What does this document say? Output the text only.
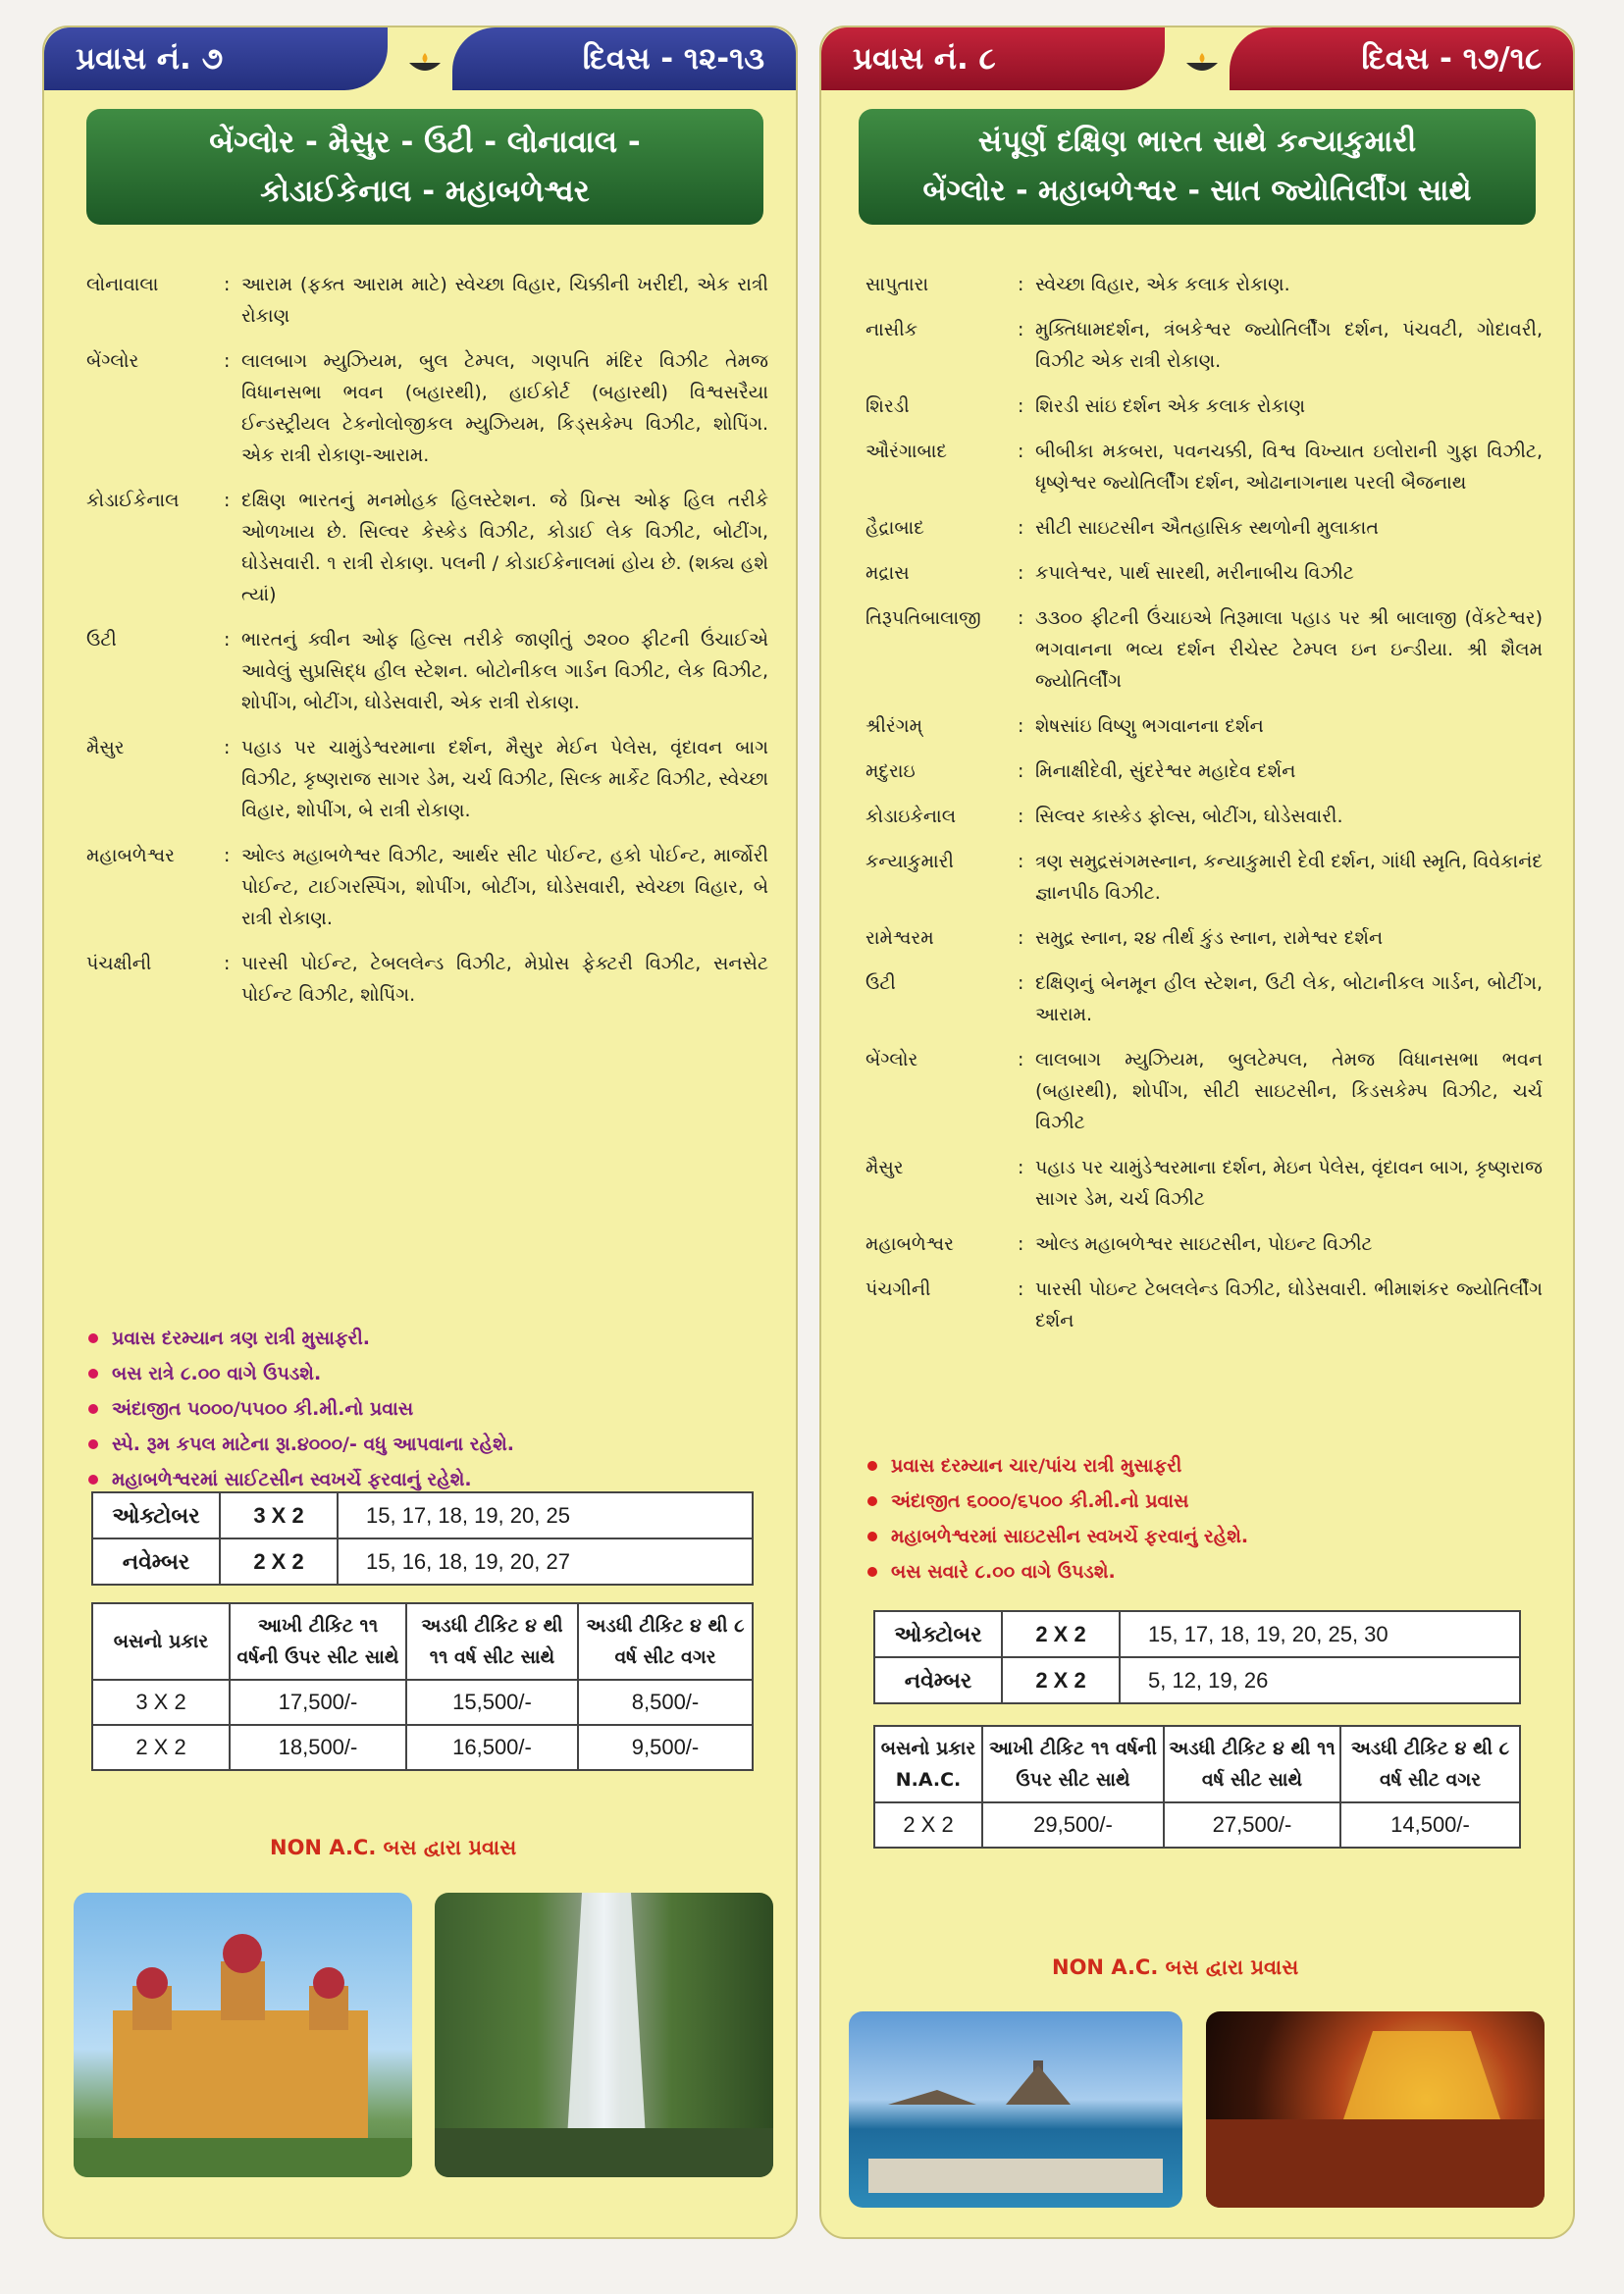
પ્રવાસ નં. ૭	દિવસ - ૧૨-૧૩
બેંગ્લોર - મૈસુર - ઉટી - લોનાવાલ -
કોડાઈકેનાલ - મહાબળેશ્વર
લોનાવાલા	: આરામ (ફક્ત આરામ માટે) સ્વેચ્છા વિહાર, ચિક્કીની ખરીદી, એક રાત્રી રોકાણ
બેંગ્લોર	: લાલબાગ મ્યુઝિયમ, બુલ ટેમ્પલ, ગણપતિ મંદિર વિઝીટ તેમજ વિધાનસભા ભવન (બહારથી), હાઈકોર્ટ (બહારથી) વિશ્વસરૈયા ઈન્ડસ્ટ્રીયલ ટેકનોલોજીકલ મ્યુઝિયમ, કિડ્સકેમ્પ વિઝીટ, શોપિંગ. એક રાત્રી રોકાણ-આરામ.
કોડાઈકેનાલ	: દક્ષિણ ભારતનું મનમોહક હિલસ્ટેશન. જે પ્રિન્સ ઓફ હિલ તરીકે ઓળખાય છે. સિલ્વર કેસ્કેડ વિઝીટ, કોડાઈ લેક વિઝીટ, બોટીંગ, ઘોડેસવારી. ૧ રાત્રી રોકાણ. પલની / કોડાઈકેનાલમાં હોય છે. (શક્ય હશે ત્યાં)
ઉટી	: ભારતનું ક્વીન ઓફ હિલ્સ તરીકે જાણીતું ૭૨૦૦ ફીટની ઉંચાઈએ આવેલું સુપ્રસિદ્ધ હીલ સ્ટેશન. બોટોનીકલ ગાર્ડન વિઝીટ, લેક વિઝીટ, શોપીંગ, બોટીંગ, ઘોડેસવારી, એક રાત્રી રોકાણ.
મૈસુર	: પહાડ પર ચામુંડેશ્વરમાના દર્શન, મૈસુર મેઈન પેલેસ, વૃંદાવન બાગ વિઝીટ, કૃષ્ણરાજ સાગર ડેમ, ચર્ચ વિઝીટ, સિલ્ક માર્કેટ વિઝીટ, સ્વેચ્છા વિહાર, શોપીંગ, બે રાત્રી રોકાણ.
મહાબળેશ્વર	: ઓલ્ડ મહાબળેશ્વર વિઝીટ, આર્થર સીટ પોઈન્ટ, હકો પોઈન્ટ, માર્જોરી પોઈન્ટ, ટાઈગરસ્પિંગ, શોપીંગ, બોટીંગ, ઘોડેસવારી, સ્વેચ્છા વિહાર, બે રાત્રી રોકાણ.
પંચક્ષીની	: પારસી પોઈન્ટ, ટેબલલેન્ડ વિઝીટ, મેપ્રોસ ફેક્ટરી વિઝીટ, સનસેટ પોઈન્ટ વિઝીટ, શોપિંગ.
પ્રવાસ દરમ્યાન ત્રણ રાત્રી મુસાફરી.
બસ રાત્રે ૮.૦૦ વાગે ઉપડશે.
અંદાજીત ૫૦૦૦/૫૫૦૦ કી.મી.નો પ્રવાસ
સ્પે. રૂમ કપલ માટેના રૂા.૪૦૦૦/- વધુ આપવાના રહેશે.
મહાબળેશ્વરમાં સાઈટસીન સ્વખર્ચે ફરવાનું રહેશે.
ઓક્ટોબર	3 X 2	15, 17, 18, 19, 20, 25
નવેમ્બર	2 X 2	15, 16, 18, 19, 20, 27
બસનો પ્રકાર	આખી ટીકિટ ૧૧ વર્ષની ઉપર સીટ સાથે	અડધી ટીકિટ ૪ થી ૧૧ વર્ષ સીટ સાથે	અડધી ટીકિટ ૪ થી ૮ વર્ષ સીટ વગર
3 X 2	17,500/-	15,500/-	8,500/-
2 X 2	18,500/-	16,500/-	9,500/-
NON A.C. બસ દ્વારા પ્રવાસ
પ્રવાસ નં. ૮	દિવસ - ૧૭/૧૮
સંપૂર્ણ દક્ષિણ ભારત સાથે કન્યાકુમારી
બેંગ્લોર - મહાબળેશ્વર - સાત જ્યોતિર્લીંગ સાથે
સાપુતારા	: સ્વેચ્છા વિહાર, એક કલાક રોકાણ.
નાસીક	: મુક્તિધામદર્શન, ત્રંબકેશ્વર જ્યોતિર્લીંગ દર્શન, પંચવટી, ગોદાવરી, વિઝીટ એક રાત્રી રોકાણ.
શિરડી	: શિરડી સાંઇ દર્શન એક કલાક રોકાણ
ઔરંગાબાદ	: બીબીકા મકબરા, પવનચક્કી, વિશ્વ વિખ્યાત ઇલોરાની ગુફા વિઝીટ, ધૃષ્ણેશ્વર જ્યોતિર્લીંગ દર્શન, ઓઢાનાગનાથ પરલી બૈજનાથ
હૈદ્રાબાદ	: સીટી સાઇટસીન ઐતહાસિક સ્થળોની મુલાકાત
મદ્રાસ	: કપાલેશ્વર, પાર્થ સારથી, મરીનાબીચ વિઝીટ
તિરૂપતિબાલાજી	: ૩૩૦૦ ફીટની ઉંચાઇએ તિરૂમાલા પહાડ પર શ્રી બાલાજી (વેંકટેશ્વર) ભગવાનના ભવ્ય દર્શન રીચેસ્ટ ટેમ્પલ ઇન ઇન્ડીયા. શ્રી શૈલમ જ્યોતિર્લીંગ
શ્રીરંગમ્	: શેષસાંઇ વિષ્ણુ ભગવાનના દર્શન
મદુરાઇ	: મિનાક્ષીદેવી, સુંદરેશ્વર મહાદેવ દર્શન
કોડાઇકેનાલ	: સિલ્વર કાસ્કેડ ફોલ્સ, બોટીંગ, ઘોડેસવારી.
કન્યાકુમારી	: ત્રણ સમુદ્રસંગમસ્નાન, કન્યાકુમારી દેવી દર્શન, ગાંધી સ્મૃતિ, વિવેકાનંદ જ્ઞાનપીઠ વિઝીટ.
રામેશ્વરમ	: સમુદ્ર સ્નાન, ૨૪ તીર્થ કુંડ સ્નાન, રામેશ્વર દર્શન
ઉટી	: દક્ષિણનું બેનમૂન હીલ સ્ટેશન, ઉટી લેક, બોટાનીકલ ગાર્ડન, બોટીંગ, આરામ.
બેંગ્લોર	: લાલબાગ મ્યુઝિયમ, બુલટેમ્પલ, તેમજ વિધાનસભા ભવન (બહારથી), શોપીંગ, સીટી સાઇટસીન, કિડસકેમ્પ વિઝીટ, ચર્ચ વિઝીટ
મૈસુર	: પહાડ પર ચામુંડેશ્વરમાના દર્શન, મેઇન પેલેસ, વૃંદાવન બાગ, કૃષ્ણરાજ સાગર ડેમ, ચર્ચ વિઝીટ
મહાબળેશ્વર	: ઓલ્ડ મહાબળેશ્વર સાઇટસીન, પોઇન્ટ વિઝીટ
પંચગીની	: પારસી પોઇન્ટ ટેબલલેન્ડ વિઝીટ, ઘોડેસવારી. ભીમાશંકર જ્યોતિર્લીંગ દર્શન
પ્રવાસ દરમ્યાન ચાર/પાંચ રાત્રી મુસાફરી
અંદાજીત ૬૦૦૦/૬૫૦૦ કી.મી.નો પ્રવાસ
મહાબળેશ્વરમાં સાઇટસીન સ્વખર્ચે ફરવાનું રહેશે.
બસ સવારે ૮.૦૦ વાગે ઉપડશે.
ઓક્ટોબર	2 X 2	15, 17, 18, 19, 20, 25, 30
નવેમ્બર	2 X 2	5, 12, 19, 26
બસનો પ્રકાર N.A.C.	આખી ટીકિટ ૧૧ વર્ષની ઉપર સીટ સાથે	અડધી ટીકિટ ૪ થી ૧૧ વર્ષ સીટ સાથે	અડધી ટીકિટ ૪ થી ૮ વર્ષ સીટ વગર
2 X 2	29,500/-	27,500/-	14,500/-
NON A.C. બસ દ્વારા પ્રવાસ
